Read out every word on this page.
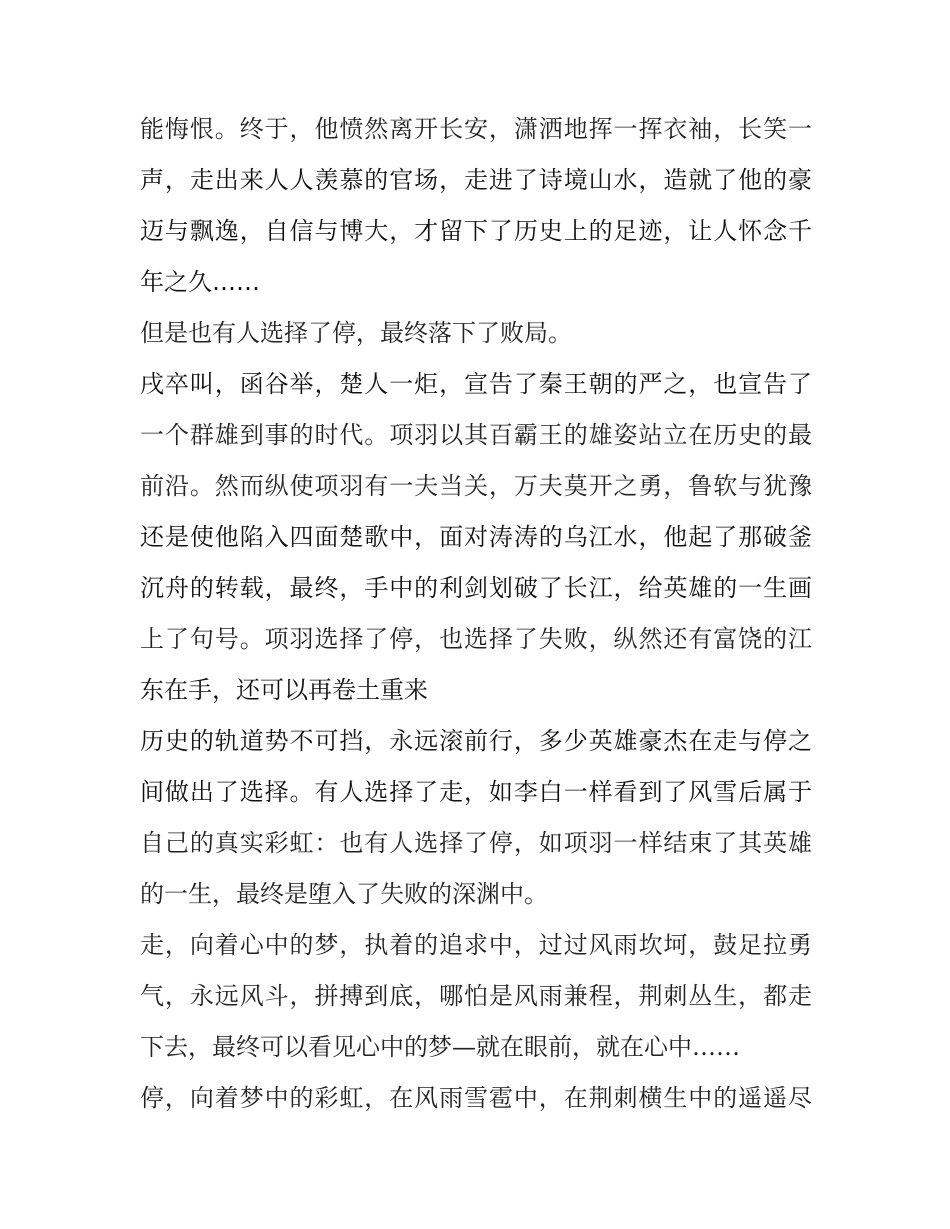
能悔恨。终于，他愤然离开长安，潇洒地挥一挥衣袖，长笑一
声，走出来人人羡慕的官场，走进了诗境山水，造就了他的豪
迈与飘逸，自信与博大，才留下了历史上的足迹，让人怀念千
年之久……
但是也有人选择了停，最终落下了败局。
戌卒叫，函谷举，楚人一炬，宣告了秦王朝的严之，也宣告了
一个群雄到事的时代。项羽以其百霸王的雄姿站立在历史的最
前沿。然而纵使项羽有一夫当关，万夫莫开之勇，鲁软与犹豫
还是使他陷入四面楚歌中，面对涛涛的乌江水，他起了那破釜
沉舟的转载，最终，手中的利剑划破了长江，给英雄的一生画
上了句号。项羽选择了停，也选择了失败，纵然还有富饶的江
东在手，还可以再卷土重来
历史的轨道势不可挡，永远滚前行，多少英雄豪杰在走与停之
间做出了选择。有人选择了走，如李白一样看到了风雪后属于
自己的真实彩虹：也有人选择了停，如项羽一样结束了其英雄
的一生，最终是堕入了失败的深渊中。
走，向着心中的梦，执着的追求中，过过风雨坎坷，鼓足拉勇
气，永远风斗，拼搏到底，哪怕是风雨兼程，荆刺丛生，都走
下去，最终可以看见心中的梦—就在眼前，就在心中……
停，向着梦中的彩虹，在风雨雪雹中，在荆刺横生中的遥遥尽
